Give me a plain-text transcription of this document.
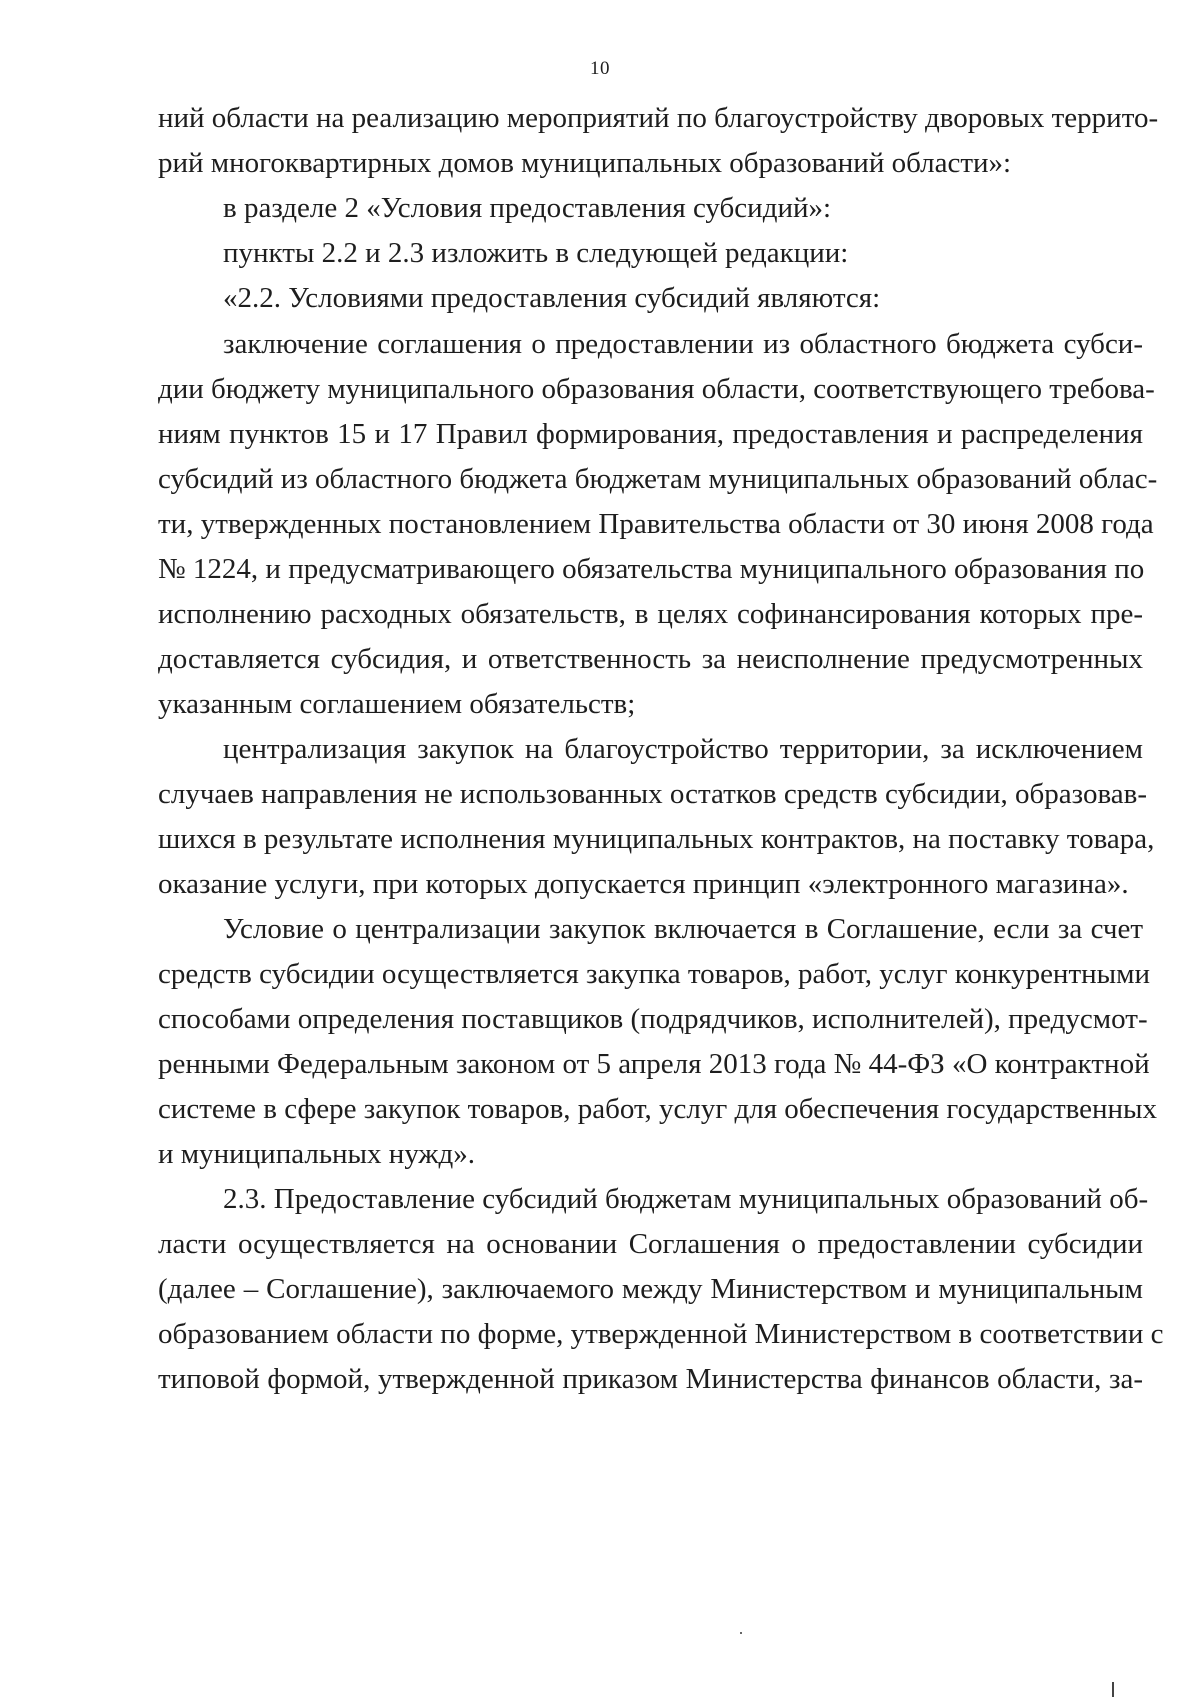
10
ний области на реализацию мероприятий по благоустройству дворовых террито-
рий многоквартирных домов муниципальных образований области»:
в разделе 2 «Условия предоставления субсидий»:
пункты 2.2 и 2.3 изложить в следующей редакции:
«2.2. Условиями предоставления субсидий являются:
заключение соглашения о предоставлении из областного бюджета субси-
дии бюджету муниципального образования области, соответствующего требова-
ниям пунктов 15 и 17 Правил формирования, предоставления и распределения
субсидий из областного бюджета бюджетам муниципальных образований облас-
ти, утвержденных постановлением Правительства области от 30 июня 2008 года
№ 1224, и предусматривающего обязательства муниципального образования по
исполнению расходных обязательств, в целях софинансирования которых пре-
доставляется субсидия, и ответственность за неисполнение предусмотренных
указанным соглашением обязательств;
централизация закупок на благоустройство территории, за исключением
случаев направления не использованных остатков средств субсидии, образовав-
шихся в результате исполнения муниципальных контрактов, на поставку товара,
оказание услуги, при которых допускается принцип «электронного магазина».
Условие о централизации закупок включается в Соглашение, если за счет
средств субсидии осуществляется закупка товаров, работ, услуг конкурентными
способами определения поставщиков (подрядчиков, исполнителей), предусмот-
ренными Федеральным законом от 5 апреля 2013 года № 44-ФЗ «О контрактной
системе в сфере закупок товаров, работ, услуг для обеспечения государственных
и муниципальных нужд».
2.3. Предоставление субсидий бюджетам муниципальных образований об-
ласти осуществляется на основании Соглашения о предоставлении субсидии
(далее – Соглашение), заключаемого между Министерством и муниципальным
образованием области по форме, утвержденной Министерством в соответствии с
типовой формой, утвержденной приказом Министерства финансов области, за-
